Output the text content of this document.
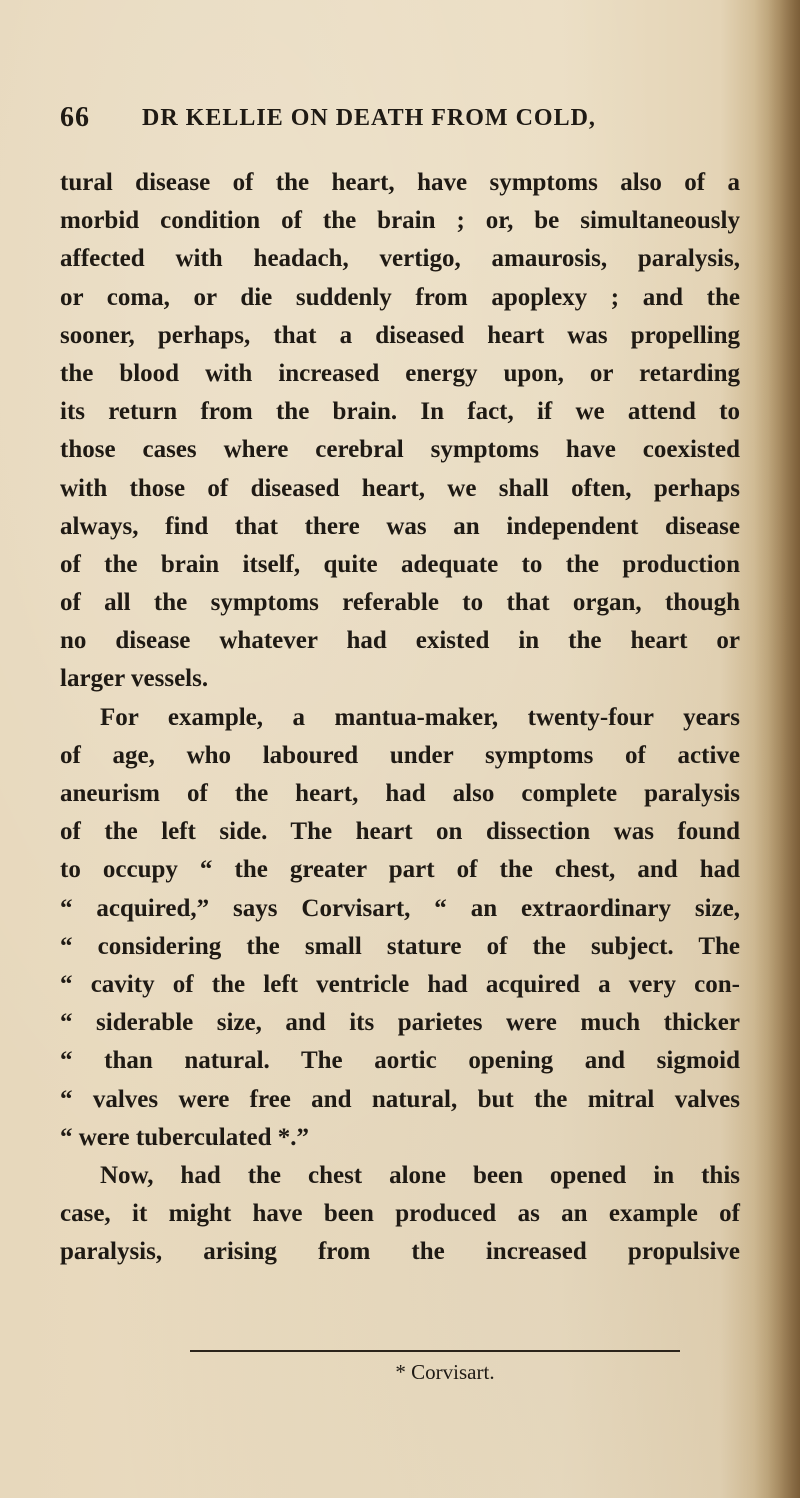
66	DR KELLIE ON DEATH FROM COLD,
tural disease of the heart, have symptoms also of a
morbid condition of the brain ; or, be simultaneously
affected with headach, vertigo, amaurosis, paralysis,
or coma, or die suddenly from apoplexy ; and the
sooner, perhaps, that a diseased heart was propelling
the blood with increased energy upon, or retarding
its return from the brain. In fact, if we attend to
those cases where cerebral symptoms have coexisted
with those of diseased heart, we shall often, perhaps
always, find that there was an independent disease
of the brain itself, quite adequate to the production
of all the symptoms referable to that organ, though
no disease whatever had existed in the heart or
larger vessels.
For example, a mantua-maker, twenty-four years
of age, who laboured under symptoms of active
aneurism of the heart, had also complete paralysis
of the left side. The heart on dissection was found
to occupy “ the greater part of the chest, and had
“ acquired,” says Corvisart, “ an extraordinary size,
“ considering the small stature of the subject. The
“ cavity of the left ventricle had acquired a very con-
“ siderable size, and its parietes were much thicker
“ than natural. The aortic opening and sigmoid
“ valves were free and natural, but the mitral valves
“ were tuberculated *.”
Now, had the chest alone been opened in this
case, it might have been produced as an example of
paralysis, arising from the increased propulsive
* Corvisart.
